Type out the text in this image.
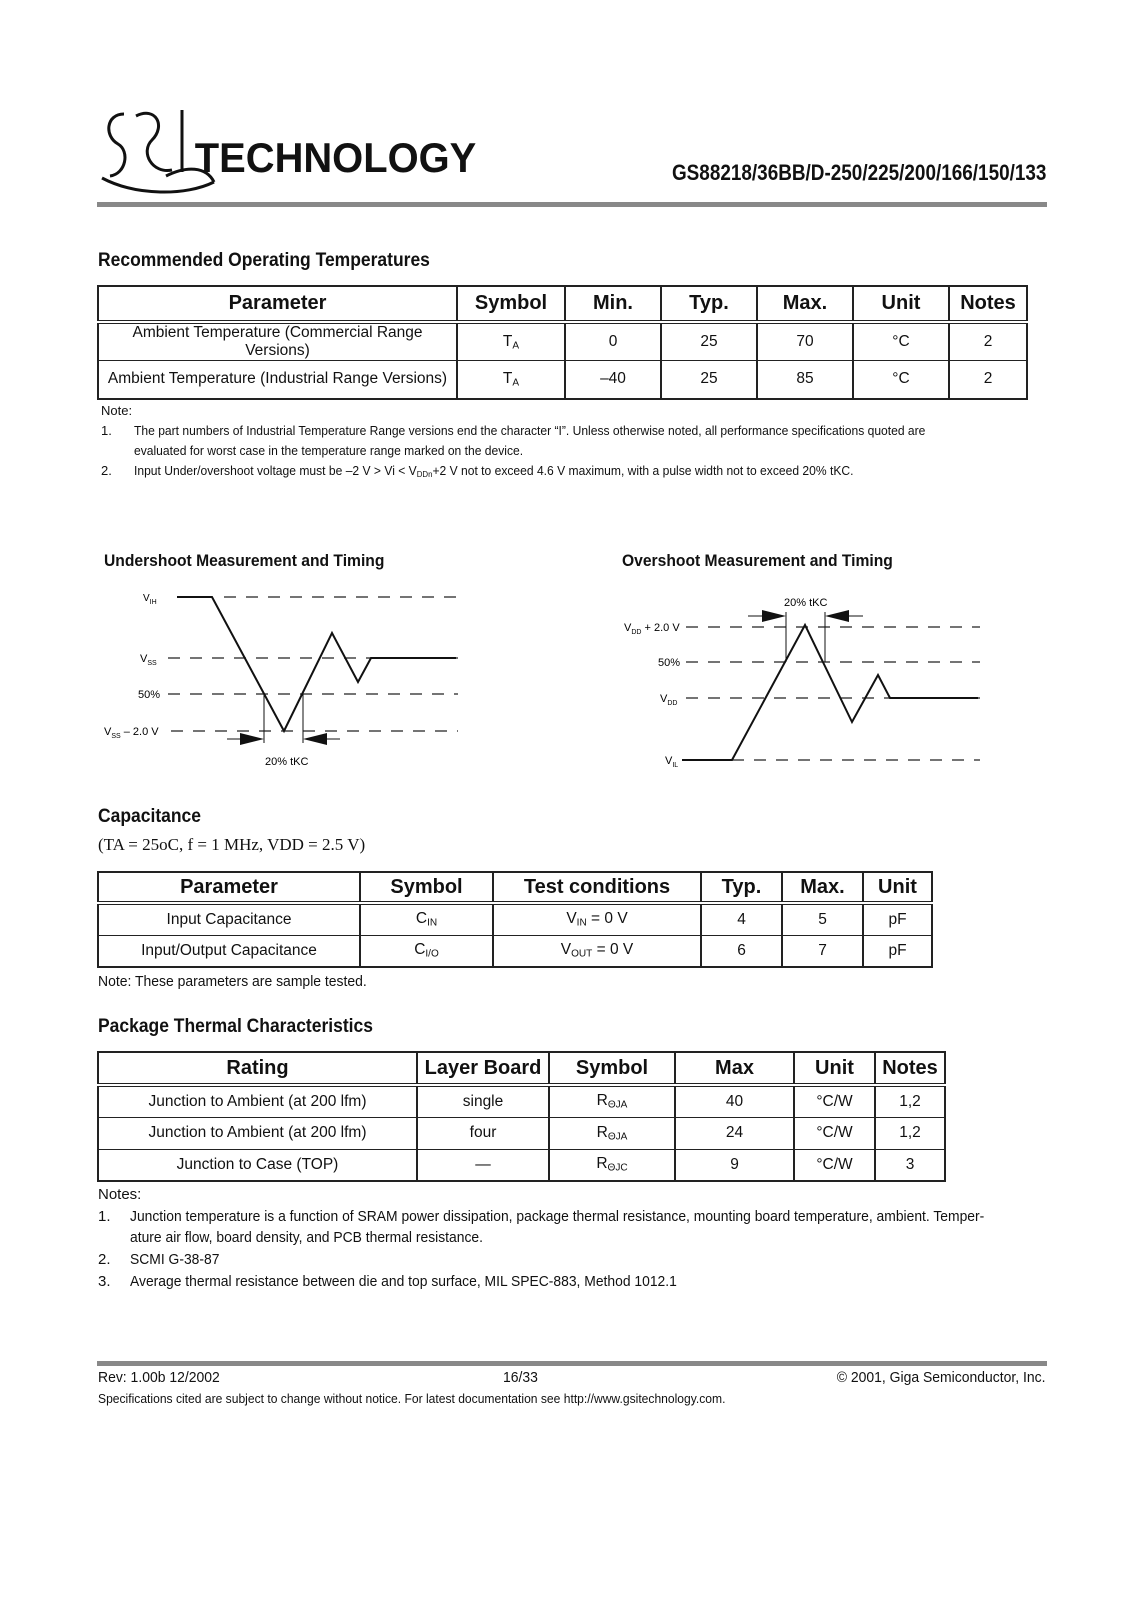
TECHNOLOGY	GS88218/36BB/D-250/225/200/166/150/133
Recommended Operating Temperatures
Parameter	Symbol	Min.	Typ.	Max.	Unit	Notes
Ambient Temperature (Commercial Range Versions)	$T_A$	0	25	70	°C	2
Ambient Temperature (Industrial Range Versions)	$T_A$	–40	25	85	°C	2
Note:
1. The part numbers of Industrial Temperature Range versions end the character “I”. Unless otherwise noted, all performance specifications quoted are
evaluated for worst case in the temperature range marked on the device.
2. Input Under/overshoot voltage must be –2 $V > Vi < V_{DDn}+2$ V not to exceed 4.6 V maximum, with a pulse width not to exceed 20% tKC.
Undershoot Measurement and Timing
$V_{IH}$
$V_{SS}$
50%
$V_{SS} - 2.0$ V
20% tKC
Overshoot Measurement and Timing
20% tKC
$V_{DD} + 2.0$ V
50%
$V_{DD}$
$V_{IL}$
Capacitance
(TA = 25oC, f = 1 MHz, VDD = 2.5 V)
Parameter	Symbol	Test conditions	Typ.	Max.	Unit
Input Capacitance	$C_{IN}$	$V_{IN} = 0$ V	4	5	pF
Input/Output Capacitance	$C_{I/O}$	$V_{OUT} = 0$ V	6	7	pF
Note: These parameters are sample tested.
Package Thermal Characteristics
Rating	Layer Board	Symbol	Max	Unit	Notes
Junction to Ambient (at 200 lfm)	single	$R_{\Theta JA}$	40	°C/W	1,2
Junction to Ambient (at 200 lfm)	four	$R_{\Theta JA}$	24	°C/W	1,2
Junction to Case (TOP)	—	$R_{\Theta JC}$	9	°C/W	3
Notes:
1. Junction temperature is a function of SRAM power dissipation, package thermal resistance, mounting board temperature, ambient. Temper-
ature air flow, board density, and PCB thermal resistance.
2. SCMI G-38-87
3. Average thermal resistance between die and top surface, MIL SPEC-883, Method 1012.1
Rev: 1.00b 12/2002	16/33	© 2001, Giga Semiconductor, Inc.
Specifications cited are subject to change without notice. For latest documentation see http://www.gsitechnology.com.
